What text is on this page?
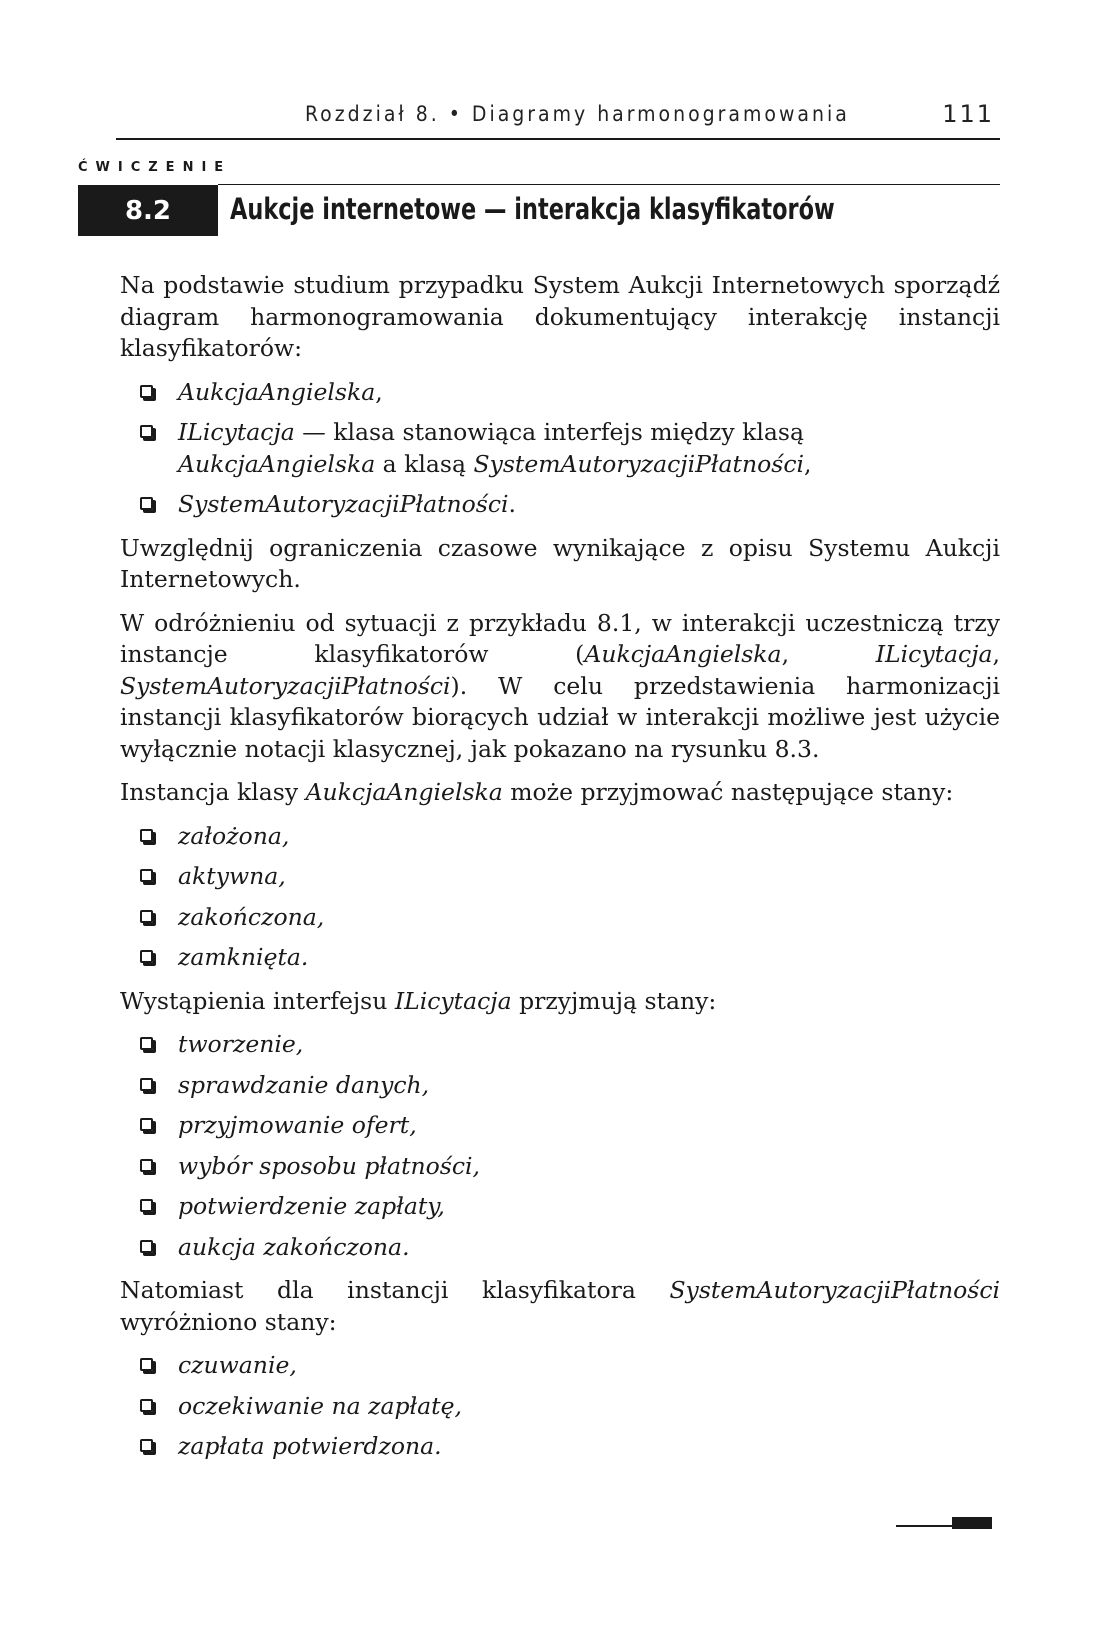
Rozdział 8. • Diagramy harmonogramowania	111
ĆWICZENIE
8.2	Aukcje internetowe — interakcja klasyfikatorów

Na podstawie studium przypadku System Aukcji Internetowych sporządź diagram harmonogramowania dokumentujący interakcję instancji klasyfikatorów:

AukcjaAngielska,
ILicytacja — klasa stanowiąca interfejs między klasą AukcjaAngielska a klasą SystemAutoryzacjiPłatności,
SystemAutoryzacjiPłatności.

Uwzględnij ograniczenia czasowe wynikające z opisu Systemu Aukcji Internetowych.

W odróżnieniu od sytuacji z przykładu 8.1, w interakcji uczestniczą trzy instancje klasyfikatorów (AukcjaAngielska, ILicytacja, SystemAutoryzacjiPłatności). W celu przedstawienia harmonizacji instancji klasyfikatorów biorących udział w interakcji możliwe jest użycie wyłącznie notacji klasycznej, jak pokazano na rysunku 8.3.

Instancja klasy AukcjaAngielska może przyjmować następujące stany:

założona,
aktywna,
zakończona,
zamknięta.

Wystąpienia interfejsu ILicytacja przyjmują stany:

tworzenie,
sprawdzanie danych,
przyjmowanie ofert,
wybór sposobu płatności,
potwierdzenie zapłaty,
aukcja zakończona.

Natomiast dla instancji klasyfikatora SystemAutoryzacjiPłatności wyróżniono stany:

czuwanie,
oczekiwanie na zapłatę,
zapłata potwierdzona.
